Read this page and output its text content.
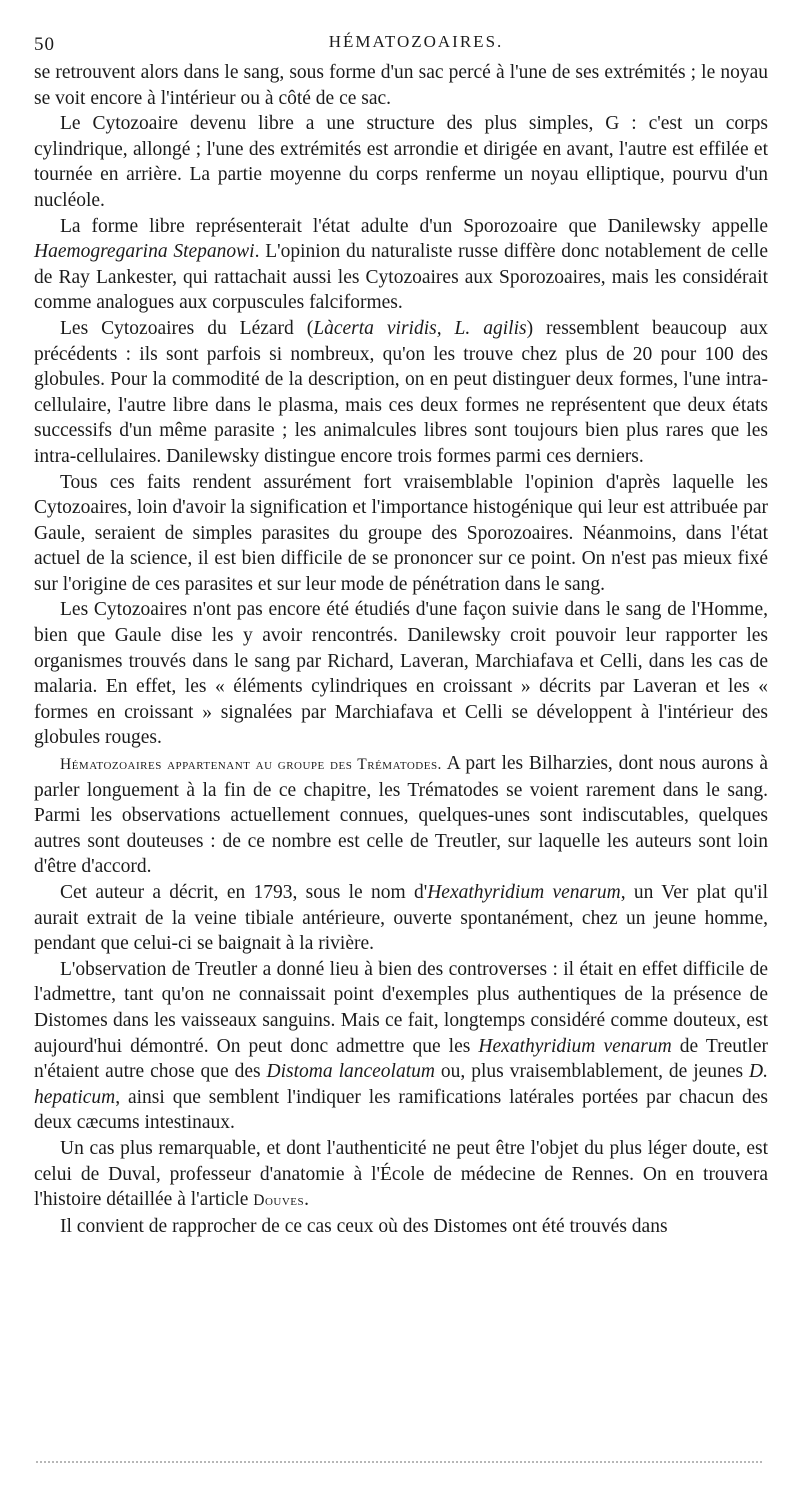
50	HÉMATOZOAIRES.

se retrouvent alors dans le sang, sous forme d'un sac percé à l'une de ses extrémités ; le noyau se voit encore à l'intérieur ou à côté de ce sac.

Le Cytozoaire devenu libre a une structure des plus simples, G : c'est un corps cylindrique, allongé ; l'une des extrémités est arrondie et dirigée en avant, l'autre est effilée et tournée en arrière. La partie moyenne du corps renferme un noyau elliptique, pourvu d'un nucléole.

La forme libre représenterait l'état adulte d'un Sporozoaire que Danilewsky appelle Haemogregarina Stepanowi. L'opinion du naturaliste russe diffère donc notablement de celle de Ray Lankester, qui rattachait aussi les Cytozoaires aux Sporozoaires, mais les considérait comme analogues aux corpuscules falciformes.

Les Cytozoaires du Lézard (Làcerta viridis, L. agilis) ressemblent beaucoup aux précédents : ils sont parfois si nombreux, qu'on les trouve chez plus de 20 pour 100 des globules. Pour la commodité de la description, on en peut distinguer deux formes, l'une intra-cellulaire, l'autre libre dans le plasma, mais ces deux formes ne représentent que deux états successifs d'un même parasite ; les animalcules libres sont toujours bien plus rares que les intra-cellulaires. Danilewsky distingue encore trois formes parmi ces derniers.

Tous ces faits rendent assurément fort vraisemblable l'opinion d'après laquelle les Cytozoaires, loin d'avoir la signification et l'importance histogénique qui leur est attribuée par Gaule, seraient de simples parasites du groupe des Sporozoaires. Néanmoins, dans l'état actuel de la science, il est bien difficile de se prononcer sur ce point. On n'est pas mieux fixé sur l'origine de ces parasites et sur leur mode de pénétration dans le sang.

Les Cytozoaires n'ont pas encore été étudiés d'une façon suivie dans le sang de l'Homme, bien que Gaule dise les y avoir rencontrés. Danilewsky croit pouvoir leur rapporter les organismes trouvés dans le sang par Richard, Laveran, Marchiafava et Celli, dans les cas de malaria. En effet, les « éléments cylindriques en croissant » décrits par Laveran et les « formes en croissant » signalées par Marchiafava et Celli se développent à l'intérieur des globules rouges.

Hématozoaires appartenant au groupe des Trématodes. A part les Bilharzies, dont nous aurons à parler longuement à la fin de ce chapitre, les Trématodes se voient rarement dans le sang. Parmi les observations actuellement connues, quelques-unes sont indiscutables, quelques autres sont douteuses : de ce nombre est celle de Treutler, sur laquelle les auteurs sont loin d'être d'accord.

Cet auteur a décrit, en 1793, sous le nom d'Hexathyridium venarum, un Ver plat qu'il aurait extrait de la veine tibiale antérieure, ouverte spontanément, chez un jeune homme, pendant que celui-ci se baignait à la rivière.

L'observation de Treutler a donné lieu à bien des controverses : il était en effet difficile de l'admettre, tant qu'on ne connaissait point d'exemples plus authentiques de la présence de Distomes dans les vaisseaux sanguins. Mais ce fait, longtemps considéré comme douteux, est aujourd'hui démontré. On peut donc admettre que les Hexathyridium venarum de Treutler n'étaient autre chose que des Distoma lanceolatum ou, plus vraisemblablement, de jeunes D. hepaticum, ainsi que semblent l'indiquer les ramifications latérales portées par chacun des deux cæcums intestinaux.

Un cas plus remarquable, et dont l'authenticité ne peut être l'objet du plus léger doute, est celui de Duval, professeur d'anatomie à l'École de médecine de Rennes. On en trouvera l'histoire détaillée à l'article Douves.

Il convient de rapprocher de ce cas ceux où des Distomes ont été trouvés dans
